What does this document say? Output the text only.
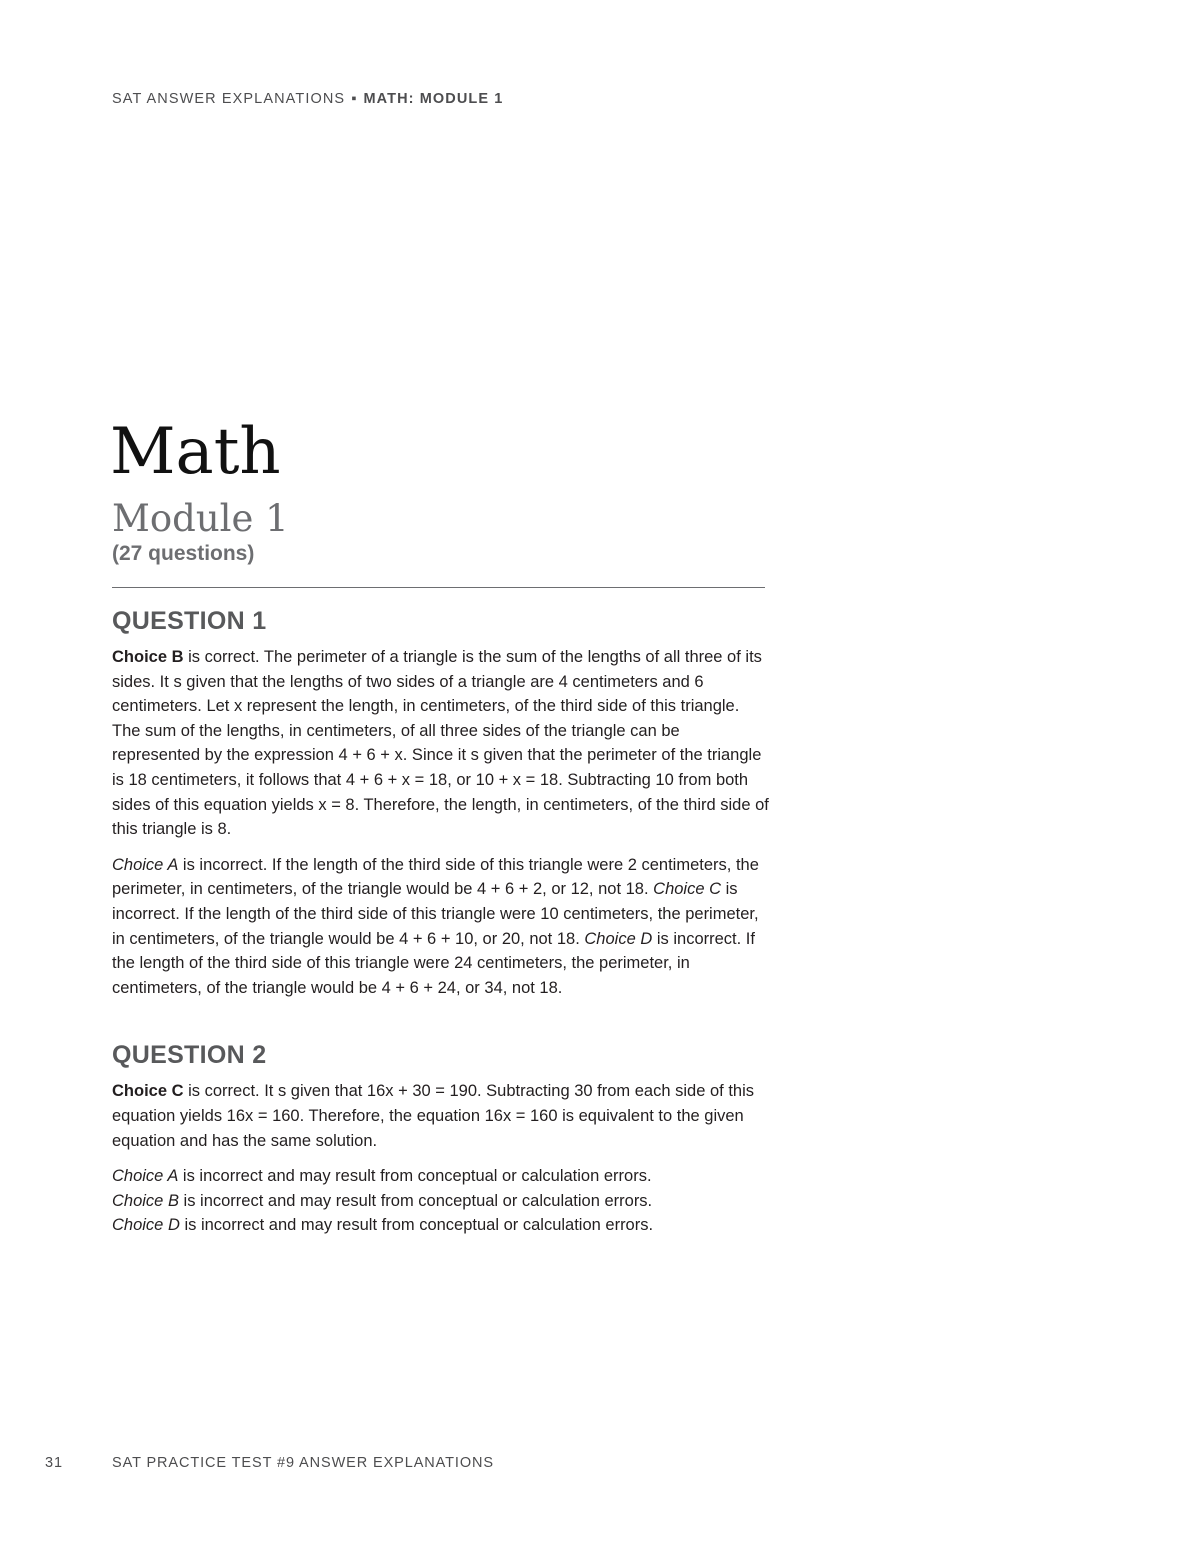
SAT ANSWER EXPLANATIONS ▪ MATH: MODULE 1
Math
Module 1
(27 questions)
QUESTION 1

Choice B is correct. The perimeter of a triangle is the sum of the lengths of all three of its sides. It s given that the lengths of two sides of a triangle are 4 centimeters and 6 centimeters. Let x represent the length, in centimeters, of the third side of this triangle. The sum of the lengths, in centimeters, of all three sides of the triangle can be represented by the expression 4 + 6 + x. Since it s given that the perimeter of the triangle is 18 centimeters, it follows that 4 + 6 + x = 18, or 10 + x = 18. Subtracting 10 from both sides of this equation yields x = 8. Therefore, the length, in centimeters, of the third side of this triangle is 8.

Choice A is incorrect. If the length of the third side of this triangle were 2 centimeters, the perimeter, in centimeters, of the triangle would be 4 + 6 + 2, or 12, not 18. Choice C is incorrect. If the length of the third side of this triangle were 10 centimeters, the perimeter, in centimeters, of the triangle would be 4 + 6 + 10, or 20, not 18. Choice D is incorrect. If the length of the third side of this triangle were 24 centimeters, the perimeter, in centimeters, of the triangle would be 4 + 6 + 24, or 34, not 18.

QUESTION 2

Choice C is correct. It s given that 16x + 30 = 190. Subtracting 30 from each side of this equation yields 16x = 160. Therefore, the equation 16x = 160 is equivalent to the given equation and has the same solution.

Choice A is incorrect and may result from conceptual or calculation errors.
Choice B is incorrect and may result from conceptual or calculation errors.
Choice D is incorrect and may result from conceptual or calculation errors.

31	SAT PRACTICE TEST #9 ANSWER EXPLANATIONS
